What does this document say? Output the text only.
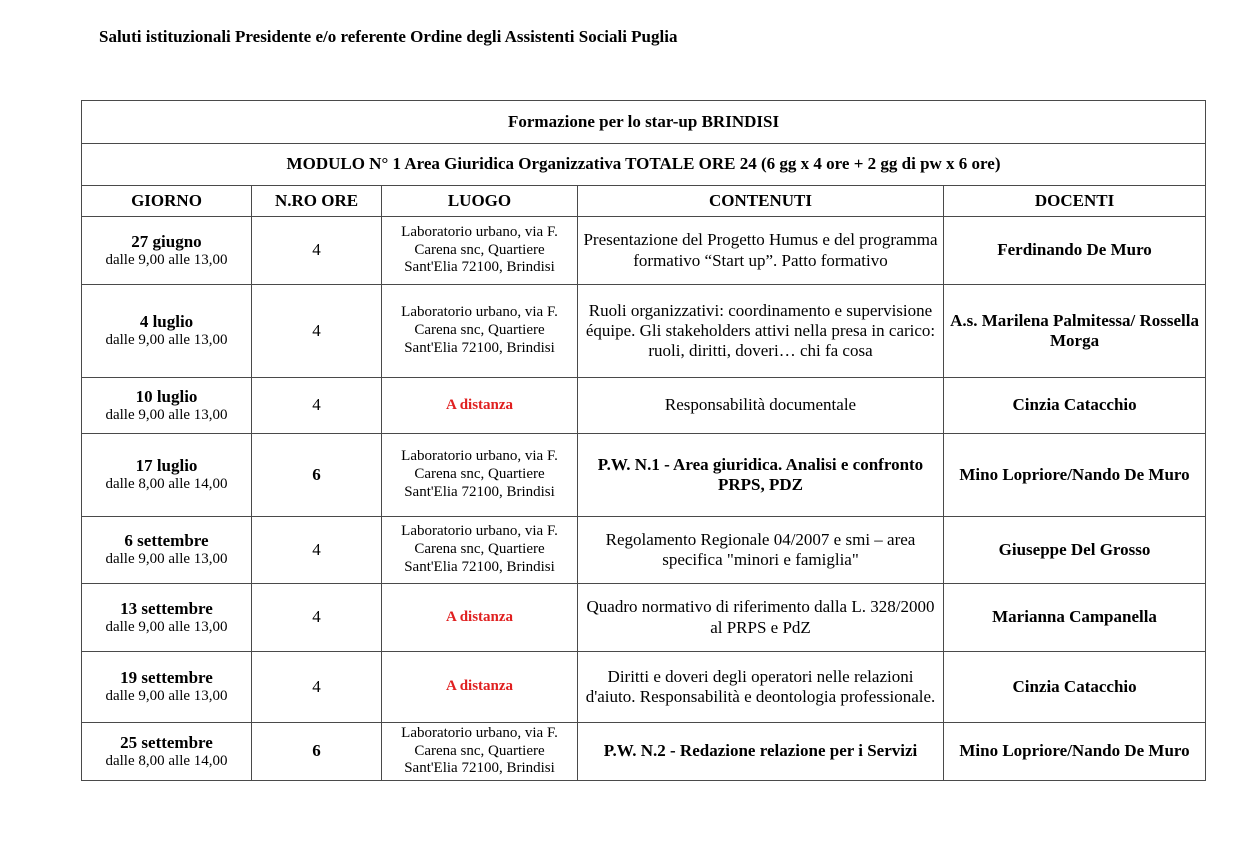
Saluti istituzionali Presidente e/o referente Ordine degli Assistenti Sociali Puglia
Formazione per lo star-up BRINDISI				
MODULO N° 1 Area Giuridica Organizzativa TOTALE ORE 24 (6 gg x 4 ore + 2 gg di pw x 6 ore)				
GIORNO	N.RO ORE	LUOGO	CONTENUTI	DOCENTI

27 giugno
dalle 9,00 alle 13,00	4	Laboratorio urbano, via F. Carena snc, Quartiere Sant'Elia 72100, Brindisi	Presentazione del Progetto Humus e del programma formativo “Start up”. Patto formativo	Ferdinando De Muro

4 luglio
dalle 9,00 alle 13,00	4	Laboratorio urbano, via F. Carena snc, Quartiere Sant'Elia 72100, Brindisi	Ruoli organizzativi: coordinamento e supervisione équipe. Gli stakeholders attivi nella presa in carico: ruoli, diritti, doveri… chi fa cosa	A.s. Marilena Palmitessa/ Rossella Morga

10 luglio
dalle 9,00 alle 13,00	4	A distanza	Responsabilità documentale	Cinzia Catacchio

17 luglio
dalle 8,00 alle 14,00	6	Laboratorio urbano, via F. Carena snc, Quartiere Sant'Elia 72100, Brindisi	P.W. N.1 - Area giuridica. Analisi e confronto PRPS, PDZ	Mino Lopriore/Nando De Muro

6 settembre
dalle 9,00 alle 13,00	4	Laboratorio urbano, via F. Carena snc, Quartiere Sant'Elia 72100, Brindisi	Regolamento Regionale 04/2007 e smi – area specifica "minori e famiglia"	Giuseppe Del Grosso

13 settembre
dalle 9,00 alle 13,00	4	A distanza	Quadro normativo di riferimento dalla L. 328/2000 al PRPS e PdZ	Marianna Campanella

19 settembre
dalle 9,00 alle 13,00	4	A distanza	Diritti e doveri degli operatori nelle relazioni d'aiuto. Responsabilità e deontologia professionale.	Cinzia Catacchio

25 settembre
dalle 8,00 alle 14,00	6	Laboratorio urbano, via F. Carena snc, Quartiere Sant'Elia 72100, Brindisi	P.W. N.2 - Redazione relazione per i Servizi	Mino Lopriore/Nando De Muro
